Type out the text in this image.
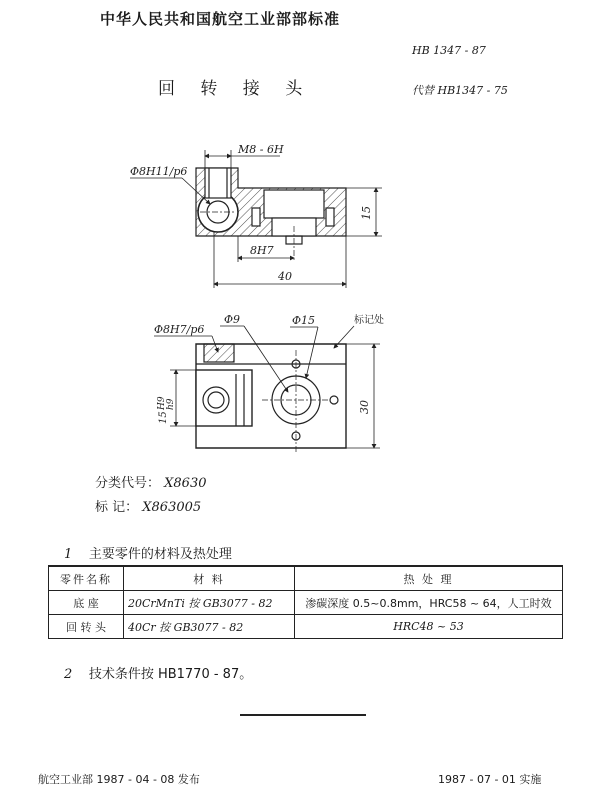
中华人民共和国航空工业部部标准
HB 1347 - 87
回 转 接 头	代替 HB1347 - 75
M8 - 6H
Φ8H11/p6
15
8H7
40
Φ8H7/p6
Φ9	Φ15	标记处
30
15
H9 h9
分类代号： X8630
标 记： X863005
1 主要零件的材料及热处理
零件名称	材 料	热 处 理
底 座	20CrMnTi 按 GB3077 - 82	渗碳深度 0.5~0.8mm，HRC58 ~ 64，人工时效
回 转 头	40Cr 按 GB3077 - 82	HRC48 ~ 53
2 技术条件按 HB1770 - 87。
航空工业部 1987 - 04 - 08 发布	1987 - 07 - 01 实施
